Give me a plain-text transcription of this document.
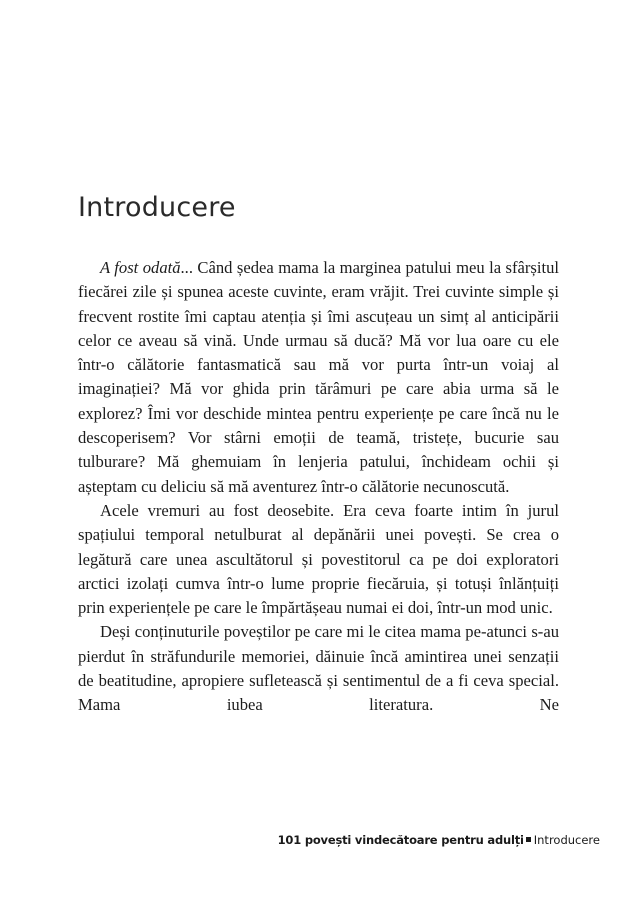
Introducere

A fost odată... Când ședea mama la marginea patului meu la sfârșitul fiecărei zile și spunea aceste cuvinte, eram vrăjit. Trei cuvinte simple și frecvent rostite îmi captau atenția și îmi ascuțeau un simț al anticipării celor ce aveau să vină. Unde urmau să ducă? Mă vor lua oare cu ele într-o călătorie fantasmatică sau mă vor purta într-un voiaj al imaginației? Mă vor ghida prin tărâmuri pe care abia urma să le explorez? Îmi vor deschide mintea pentru experiențe pe care încă nu le descoperisem? Vor stârni emoții de teamă, tristețe, bucurie sau tulburare? Mă ghemuiam în lenjeria patului, închideam ochii și așteptam cu deliciu să mă aventurez într-o călătorie necunoscută.

Acele vremuri au fost deosebite. Era ceva foarte intim în jurul spațiului temporal netulburat al depănării unei povești. Se crea o legătură care unea ascultătorul și povestitorul ca pe doi exploratori arctici izolați cumva într-o lume proprie fiecăruia, și totuși înlănțuiți prin experiențele pe care le împărtășeau numai ei doi, într-un mod unic.

Deși conținuturile poveștilor pe care mi le citea mama pe-atunci s-au pierdut în străfundurile memoriei, dăinuie încă amintirea unei senzații de beatitudine, apropiere sufletească și sentimentul de a fi ceva special. Mama iubea literatura. Ne

101 povești vindecătoare pentru adulți Introducere
